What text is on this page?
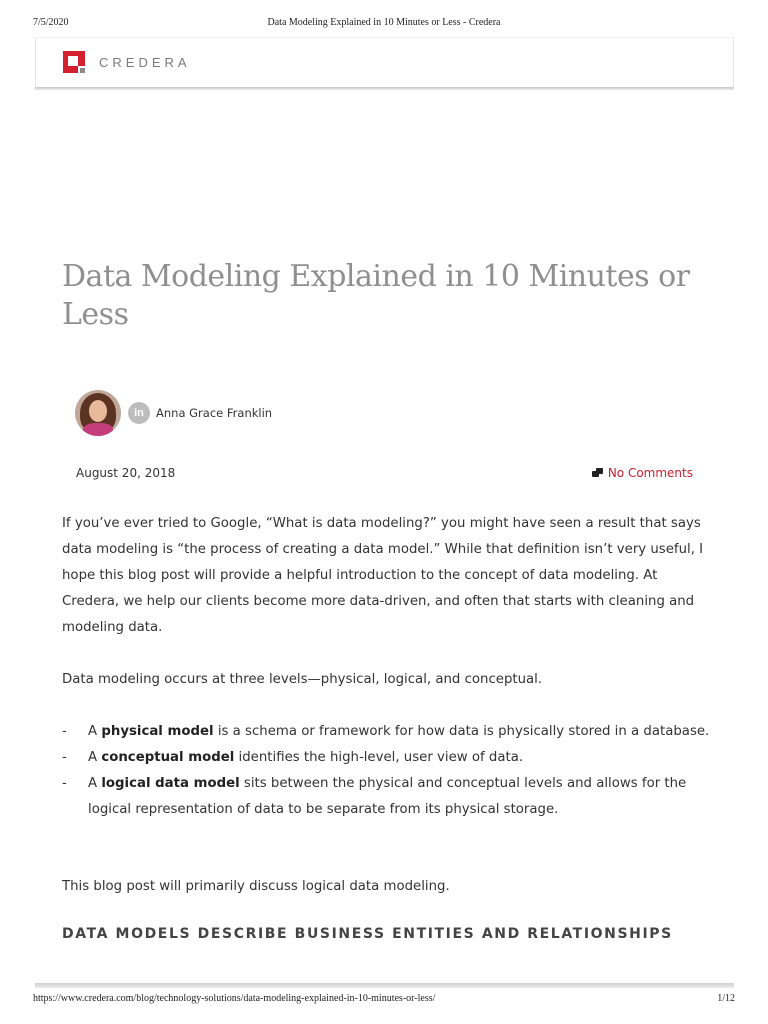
7/5/2020	Data Modeling Explained in 10 Minutes or Less - Credera
CREDERA
Data Modeling Explained in 10 Minutes or Less
in	Anna Grace Franklin
August 20, 2018	No Comments

If you’ve ever tried to Google, “What is data modeling?” you might have seen a result that says data modeling is “the process of creating a data model.” While that definition isn’t very useful, I hope this blog post will provide a helpful introduction to the concept of data modeling. At Credera, we help our clients become more data-driven, and often that starts with cleaning and modeling data.

Data modeling occurs at three levels—physical, logical, and conceptual.

- A physical model is a schema or framework for how data is physically stored in a database.
- A conceptual model identifies the high-level, user view of data.
- A logical data model sits between the physical and conceptual levels and allows for the logical representation of data to be separate from its physical storage.

This blog post will primarily discuss logical data modeling.

DATA MODELS DESCRIBE BUSINESS ENTITIES AND RELATIONSHIPS
https://www.credera.com/blog/technology-solutions/data-modeling-explained-in-10-minutes-or-less/	1/12
